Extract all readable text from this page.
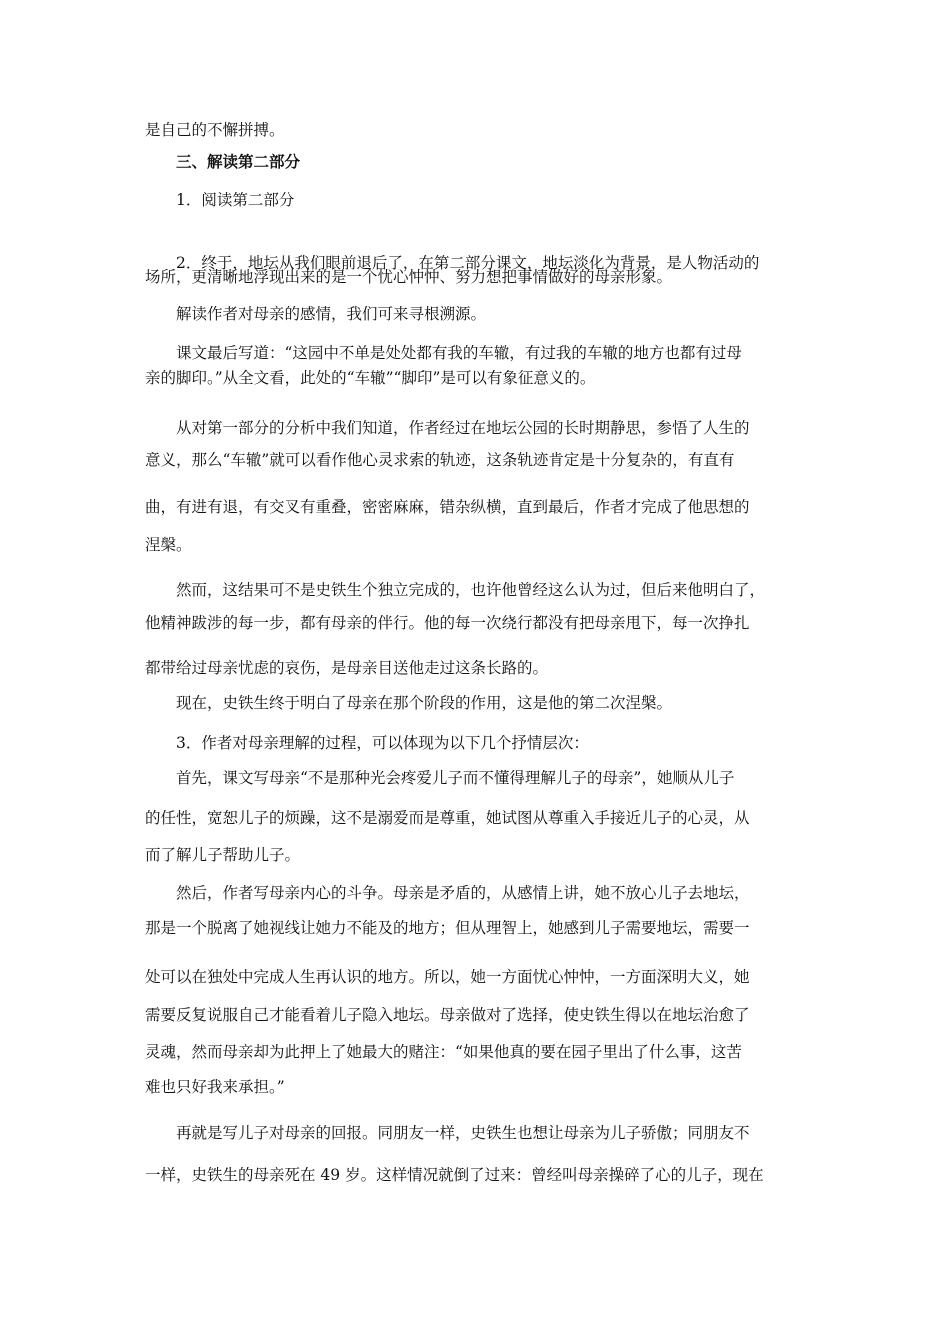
是自己的不懈拼搏。
三、解读第二部分
1．阅读第二部分
2．终于，地坛从我们眼前退后了，在第二部分课文，地坛淡化为背景，是人物活动的
场所，更清晰地浮现出来的是一个忧心忡忡、努力想把事情做好的母亲形象。
解读作者对母亲的感情，我们可来寻根溯源。
课文最后写道：“这园中不单是处处都有我的车辙，有过我的车辙的地方也都有过母
亲的脚印。”从全文看，此处的“车辙”“脚印”是可以有象征意义的。
从对第一部分的分析中我们知道，作者经过在地坛公园的长时期静思，参悟了人生的
意义，那么“车辙”就可以看作他心灵求索的轨迹，这条轨迹肯定是十分复杂的，有直有
曲，有进有退，有交叉有重叠，密密麻麻，错杂纵横，直到最后，作者才完成了他思想的
涅槃。
然而，这结果可不是史铁生个独立完成的，也许他曾经这么认为过，但后来他明白了，
他精神跋涉的每一步，都有母亲的伴行。他的每一次绕行都没有把母亲甩下，每一次挣扎
都带给过母亲忧虑的哀伤，是母亲目送他走过这条长路的。
现在，史铁生终于明白了母亲在那个阶段的作用，这是他的第二次涅槃。
3．作者对母亲理解的过程，可以体现为以下几个抒情层次：
首先，课文写母亲“不是那种光会疼爱儿子而不懂得理解儿子的母亲”，她顺从儿子
的任性，宽恕儿子的烦躁，这不是溺爱而是尊重，她试图从尊重入手接近儿子的心灵，从
而了解儿子帮助儿子。
然后，作者写母亲内心的斗争。母亲是矛盾的，从感情上讲，她不放心儿子去地坛，
那是一个脱离了她视线让她力不能及的地方；但从理智上，她感到儿子需要地坛，需要一
处可以在独处中完成人生再认识的地方。所以，她一方面忧心忡忡，一方面深明大义，她
需要反复说服自己才能看着儿子隐入地坛。母亲做对了选择，使史铁生得以在地坛治愈了
灵魂，然而母亲却为此押上了她最大的赌注：“如果他真的要在园子里出了什么事，这苦
难也只好我来承担。”
再就是写儿子对母亲的回报。同朋友一样，史铁生也想让母亲为儿子骄傲；同朋友不
一样，史铁生的母亲死在 49 岁。这样情况就倒了过来：曾经叫母亲操碎了心的儿子，现在
